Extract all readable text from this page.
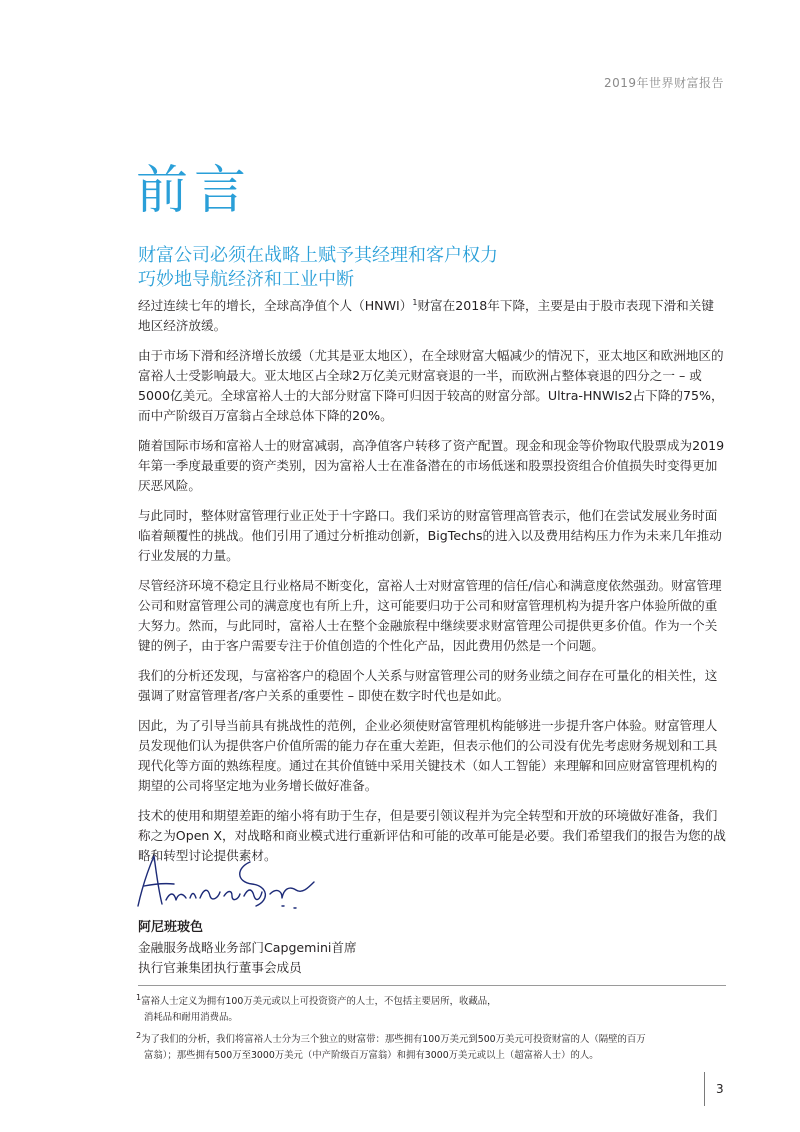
2019年世界财富报告
前言
财富公司必须在战略上赋予其经理和客户权力
巧妙地导航经济和工业中断

经过连续七年的增长，全球高净值个人（HNWI）$^1$财富在2018年下降，主要是由于股市表现下滑和关键地区经济放缓。

由于市场下滑和经济增长放缓（尤其是亚太地区），在全球财富大幅减少的情况下，亚太地区和欧洲地区的富裕人士受影响最大。亚太地区占全球2万亿美元财富衰退的一半，而欧洲占整体衰退的四分之一 – 或5000亿美元。全球富裕人士的大部分财富下降可归因于较高的财富分部。Ultra-HNWIs2占下降的75%，而中产阶级百万富翁占全球总体下降的20%。

随着国际市场和富裕人士的财富减弱，高净值客户转移了资产配置。现金和现金等价物取代股票成为2019年第一季度最重要的资产类别，因为富裕人士在准备潜在的市场低迷和股票投资组合价值损失时变得更加厌恶风险。

与此同时，整体财富管理行业正处于十字路口。我们采访的财富管理高管表示，他们在尝试发展业务时面临着颠覆性的挑战。他们引用了通过分析推动创新，BigTechs的进入以及费用结构压力作为未来几年推动行业发展的力量。

尽管经济环境不稳定且行业格局不断变化，富裕人士对财富管理的信任/信心和满意度依然强劲。财富管理公司和财富管理公司的满意度也有所上升，这可能要归功于公司和财富管理机构为提升客户体验所做的重大努力。然而，与此同时，富裕人士在整个金融旅程中继续要求财富管理公司提供更多价值。作为一个关键的例子，由于客户需要专注于价值创造的个性化产品，因此费用仍然是一个问题。

我们的分析还发现，与富裕客户的稳固个人关系与财富管理公司的财务业绩之间存在可量化的相关性，这强调了财富管理者/客户关系的重要性 – 即使在数字时代也是如此。

因此，为了引导当前具有挑战性的范例，企业必须使财富管理机构能够进一步提升客户体验。财富管理人员发现他们认为提供客户价值所需的能力存在重大差距，但表示他们的公司没有优先考虑财务规划和工具现代化等方面的熟练程度。通过在其价值链中采用关键技术（如人工智能）来理解和回应财富管理机构的期望的公司将坚定地为业务增长做好准备。

技术的使用和期望差距的缩小将有助于生存，但是要引领议程并为完全转型和开放的环境做好准备，我们称之为Open X，对战略和商业模式进行重新评估和可能的改革可能是必要。我们希望我们的报告为您的战略和转型讨论提供素材。

阿尼班玻色

金融服务战略业务部门Capgemini首席

执行官兼集团执行董事会成员

$^1$富裕人士定义为拥有100万美元或以上可投资资产的人士，不包括主要居所，收藏品，
消耗品和耐用消费品。

$^2$为了我们的分析，我们将富裕人士分为三个独立的财富带：那些拥有100万美元到500万美元可投资财富的人（隔壁的百万
富翁）；那些拥有500万至3000万美元（中产阶级百万富翁）和拥有3000万美元或以上（超富裕人士）的人。

3
